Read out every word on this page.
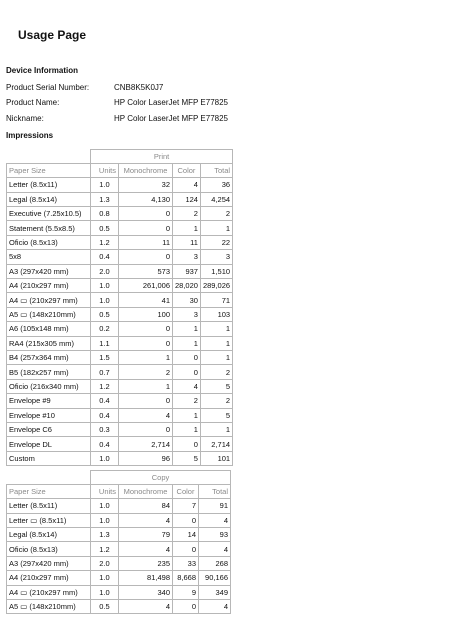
Usage Page
Device Information
Product Serial Number:	CNB8K5K0J7
Product Name:	HP Color LaserJet MFP E77825
Nickname:	HP Color LaserJet MFP E77825
Impressions
	Print			
Paper Size	Units	Monochrome	Color	Total
Letter (8.5x11)	1.0	32	4	36
Legal (8.5x14)	1.3	4,130	124	4,254
Executive (7.25x10.5)	0.8	0	2	2
Statement (5.5x8.5)	0.5	0	1	1
Oficio (8.5x13)	1.2	11	11	22
5x8	0.4	0	3	3
A3 (297x420 mm)	2.0	573	937	1,510
A4 (210x297 mm)	1.0	261,006	28,020	289,026
A4 ▭ (210x297 mm)	1.0	41	30	71
A5 ▭ (148x210mm)	0.5	100	3	103
A6 (105x148 mm)	0.2	0	1	1
RA4 (215x305 mm)	1.1	0	1	1
B4 (257x364 mm)	1.5	1	0	1
B5 (182x257 mm)	0.7	2	0	2
Oficio (216x340 mm)	1.2	1	4	5
Envelope #9	0.4	0	2	2
Envelope #10	0.4	4	1	5
Envelope C6	0.3	0	1	1
Envelope DL	0.4	2,714	0	2,714
Custom	1.0	96	5	101
	Copy			
Paper Size	Units	Monochrome	Color	Total
Letter (8.5x11)	1.0	84	7	91
Letter ▭ (8.5x11)	1.0	4	0	4
Legal (8.5x14)	1.3	79	14	93
Oficio (8.5x13)	1.2	4	0	4
A3 (297x420 mm)	2.0	235	33	268
A4 (210x297 mm)	1.0	81,498	8,668	90,166
A4 ▭ (210x297 mm)	1.0	340	9	349
A5 ▭ (148x210mm)	0.5	4	0	4
